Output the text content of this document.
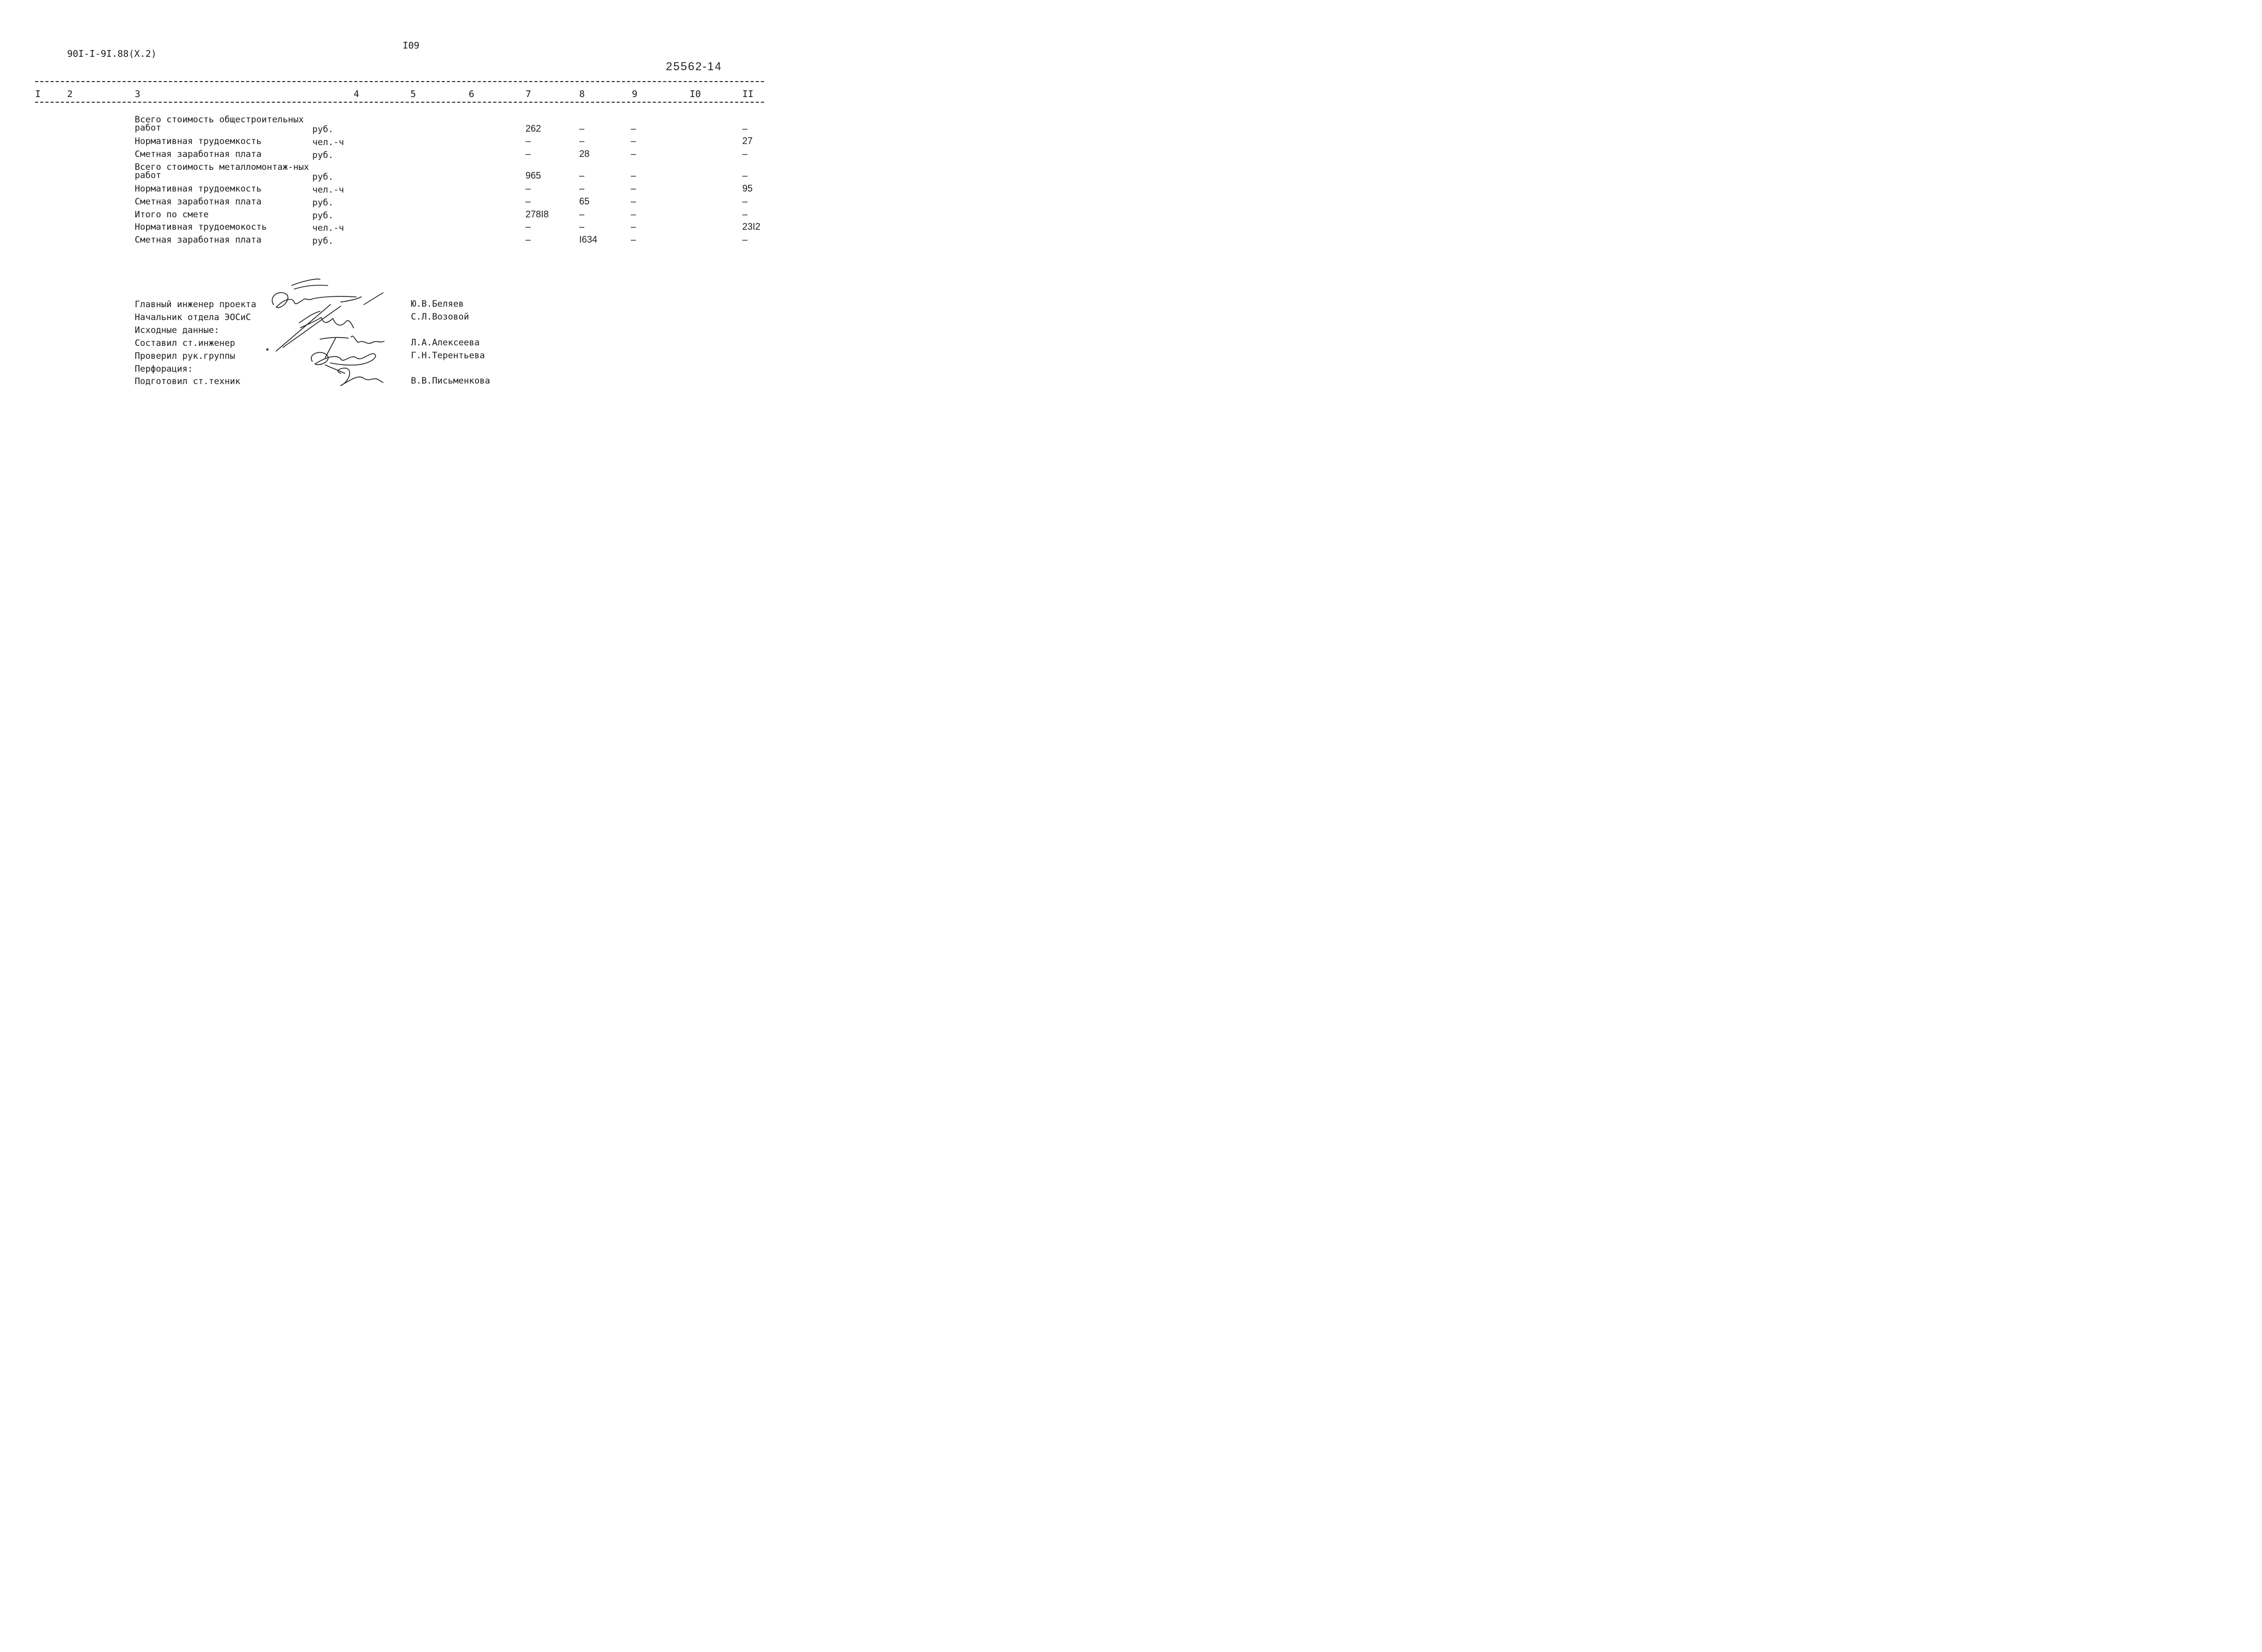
90I-I-9I.88(X.2)
I09
25562-14
I	2	3	4	5	6	7	8	9	I0	II
Всего стоимость общестроительных работ	руб.	262	–	–	–
Нормативная трудоемкость	чел.-ч	–	–	–	27
Сметная заработная плата	руб.	–	28	–	–
Всего стоимость металломонтаж-ных работ	руб.	965	–	–	–
Нормативная трудоемкость	чел.-ч	–	–	–	95
Сметная заработная плата	руб.	–	65	–	–
Итого по смете	руб.	278I8	–	–	–
Нормативная трудоемокость	чел.-ч	–	–	–	23I2
Сметная заработная плата	руб.	–	I634	–	–
Главный инженер проекта	Ю.В.Беляев
Начальник отдела ЭОСиС	С.Л.Возовой
Исходные данные:
Составил ст.инженер	Л.А.Алексеева
Проверил рук.группы	Г.Н.Терентьева
Перфорация:
Подготовил ст.техник	В.В.Письменкова
